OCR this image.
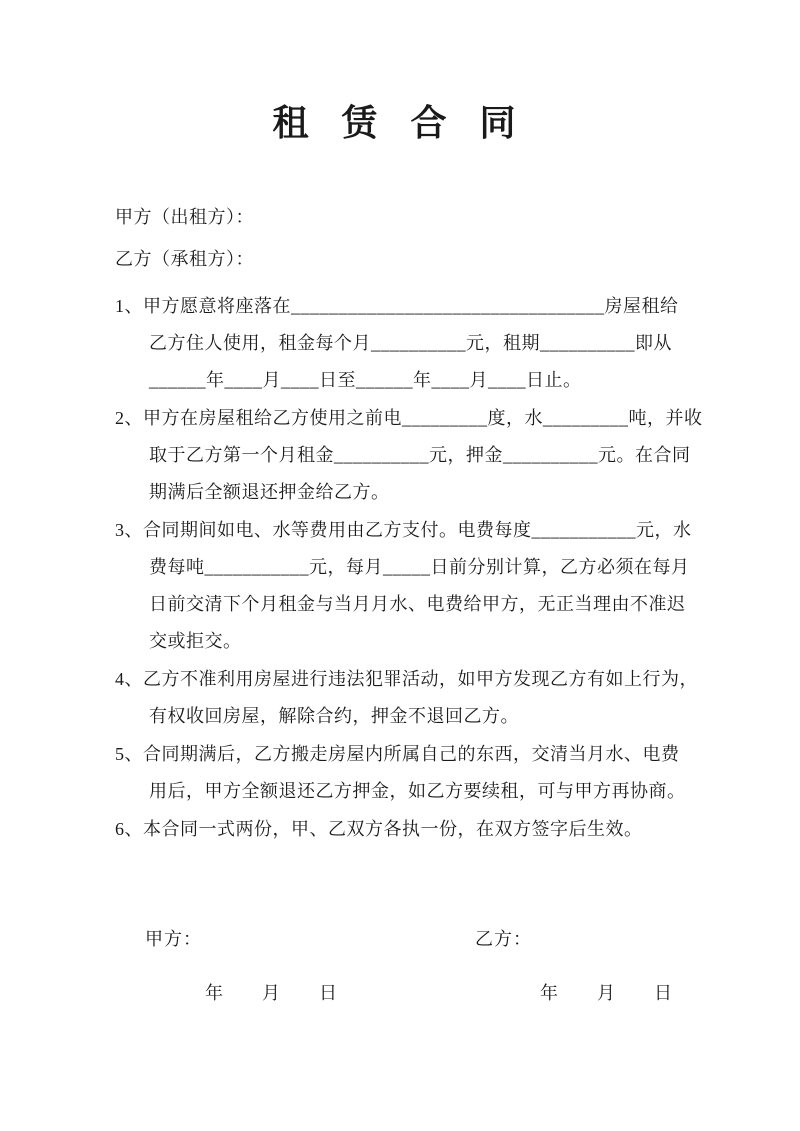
租 赁 合 同

甲方（出租方）：

乙方（承租方）：

1、甲方愿意将座落在_________________________________房屋租给
乙方住人使用，租金每个月__________元，租期__________即从
______年____月____日至______年____月____日止。
2、甲方在房屋租给乙方使用之前电_________度，水_________吨，并收
取于乙方第一个月租金__________元，押金__________元。在合同
期满后全额退还押金给乙方。
3、合同期间如电、水等费用由乙方支付。电费每度___________元，水
费每吨___________元，每月_____日前分别计算，乙方必须在每月
日前交清下个月租金与当月月水、电费给甲方，无正当理由不准迟
交或拒交。
4、乙方不准利用房屋进行违法犯罪活动，如甲方发现乙方有如上行为，
有权收回房屋，解除合约，押金不退回乙方。
5、合同期满后，乙方搬走房屋内所属自己的东西，交清当月水、电费
用后，甲方全额退还乙方押金，如乙方要续租，可与甲方再协商。
6、本合同一式两份，甲、乙双方各执一份，在双方签字后生效。
甲方：	乙方：
年　　月　　日	年　　月　　日
